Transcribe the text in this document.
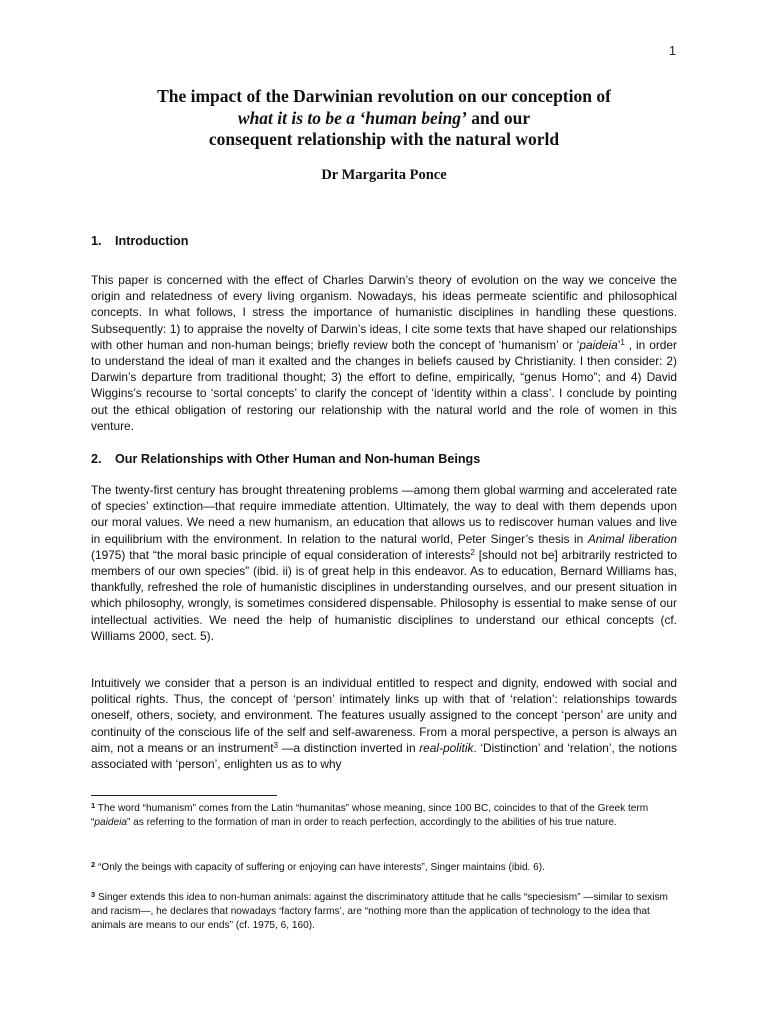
1
The impact of the Darwinian revolution on our conception of
what it is to be a ‘human being’ and our
consequent relationship with the natural world
Dr Margarita Ponce
1. Introduction
This paper is concerned with the effect of Charles Darwin’s theory of evolution on the way we conceive the origin and relatedness of every living organism. Nowadays, his ideas permeate scientific and philosophical concepts. In what follows, I stress the importance of humanistic disciplines in handling these questions. Subsequently: 1) to appraise the novelty of Darwin’s ideas, I cite some texts that have shaped our relationships with other human and non-human beings; briefly review both the concept of ‘humanism’ or ‘paideia’$^1$ , in order to understand the ideal of man it exalted and the changes in beliefs caused by Christianity. I then consider: 2) Darwin’s departure from traditional thought; 3) the effort to define, empirically, “genus Homo”; and 4) David Wiggins’s recourse to ‘sortal concepts’ to clarify the concept of ‘identity within a class’. I conclude by pointing out the ethical obligation of restoring our relationship with the natural world and the role of women in this venture.
2. Our Relationships with Other Human and Non-human Beings
The twenty-first century has brought threatening problems —among them global warming and accelerated rate of species’ extinction—that require immediate attention. Ultimately, the way to deal with them depends upon our moral values. We need a new humanism, an education that allows us to rediscover human values and live in equilibrium with the environment. In relation to the natural world, Peter Singer’s thesis in Animal liberation (1975) that “the moral basic principle of equal consideration of interests$^2$ [should not be] arbitrarily restricted to members of our own species” (ibid. ii) is of great help in this endeavor. As to education, Bernard Williams has, thankfully, refreshed the role of humanistic disciplines in understanding ourselves, and our present situation in which philosophy, wrongly, is sometimes considered dispensable. Philosophy is essential to make sense of our intellectual activities. We need the help of humanistic disciplines to understand our ethical concepts (cf. Williams 2000, sect. 5).
Intuitively we consider that a person is an individual entitled to respect and dignity, endowed with social and political rights. Thus, the concept of ‘person’ intimately links up with that of ‘relation’: relationships towards oneself, others, society, and environment. The features usually assigned to the concept ‘person’ are unity and continuity of the conscious life of the self and self-awareness. From a moral perspective, a person is always an aim, not a means or an instrument$^3$ —a distinction inverted in real-politik. ‘Distinction’ and ‘relation’, the notions associated with ‘person’, enlighten us as to why
$^1$ The word “humanism” comes from the Latin “humanitas” whose meaning, since 100 BC, coincides to that of the Greek term “paideia” as referring to the formation of man in order to reach perfection, accordingly to the abilities of his true nature.
$^2$ “Only the beings with capacity of suffering or enjoying can have interests”, Singer maintains (ibid. 6).
$^3$ Singer extends this idea to non-human animals: against the discriminatory attitude that he calls “speciesism” —similar to sexism and racism—, he declares that nowadays ‘factory farms’, are “nothing more than the application of technology to the idea that animals are means to our ends” (cf. 1975, 6, 160).
